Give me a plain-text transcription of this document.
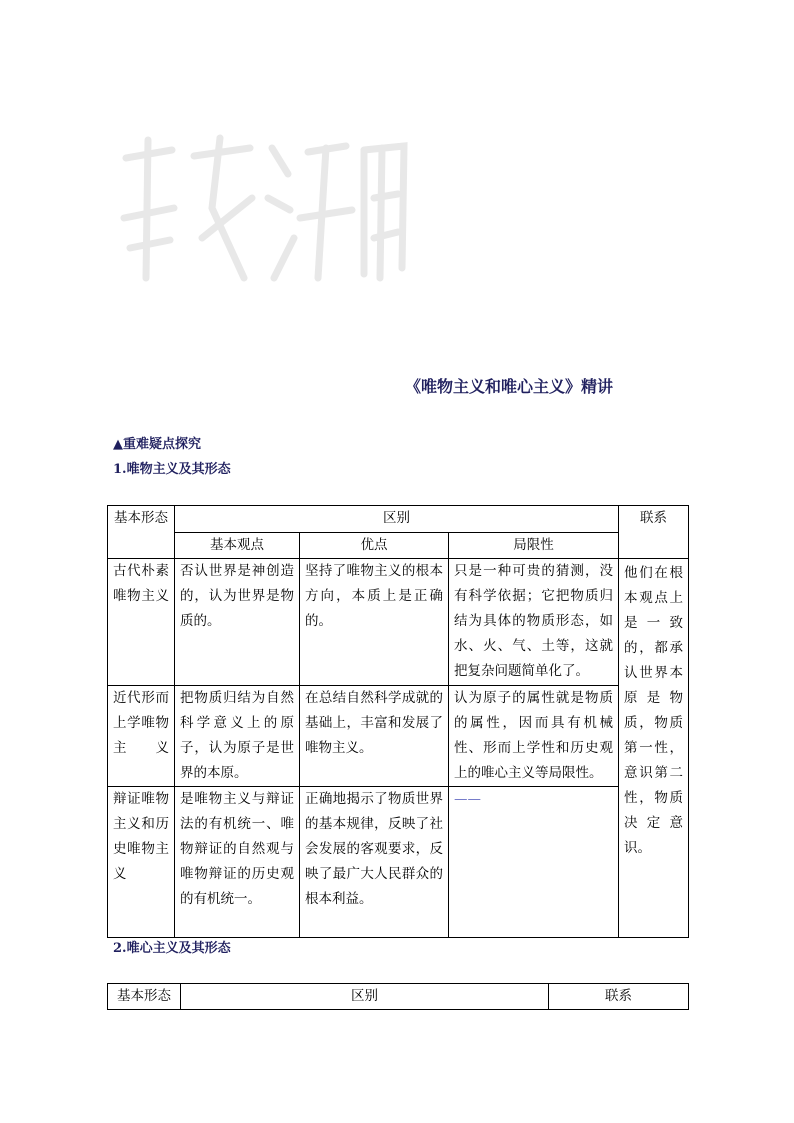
《唯物主义和唯心主义》精讲
▲重难疑点探究
1.唯物主义及其形态
基本形态	区别			联系
	基本观点	优点	局限性	
古代朴素唯物主义	否认世界是神创造的，认为世界是物质的。	坚持了唯物主义的根本方向，本质上是正确的。	只是一种可贵的猜测，没有科学依据；它把物质归结为具体的物质形态，如水、火、气、土等，这就把复杂问题简单化了。	他们在根本观点上是一致的，都承认世界本原是物质，物质第一性，意识第二性，物质决定意识。
近代形而上学唯物主义	把物质归结为自然科学意义上的原子，认为原子是世界的本原。	在总结自然科学成就的基础上，丰富和发展了唯物主义。	认为原子的属性就是物质的属性，因而具有机械性、形而上学性和历史观上的唯心主义等局限性。	
辩证唯物主义和历史唯物主义	是唯物主义与辩证法的有机统一、唯物辩证的自然观与唯物辩证的历史观的有机统一。	正确地揭示了物质世界的基本规律，反映了社会发展的客观要求，反映了最广大人民群众的根本利益。	——	
2.唯心主义及其形态
基本形态	区别	联系
